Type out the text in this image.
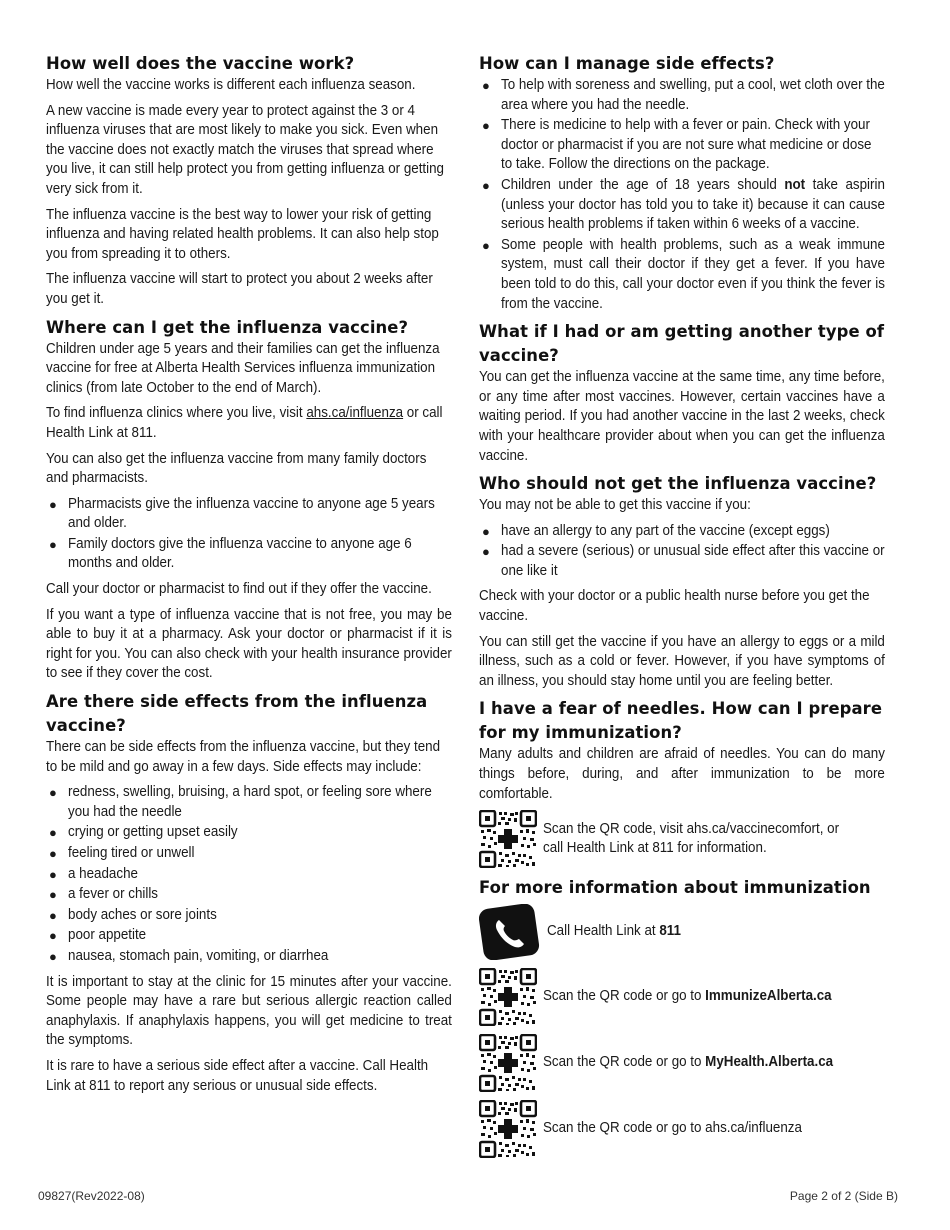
How well does the vaccine work?

How well the vaccine works is different each influenza season.

A new vaccine is made every year to protect against the 3 or 4 influenza viruses that are most likely to make you sick. Even when the vaccine does not exactly match the viruses that spread where you live, it can still help protect you from getting influenza or getting very sick from it.

The influenza vaccine is the best way to lower your risk of getting influenza and having related health problems. It can also help stop you from spreading it to others.

The influenza vaccine will start to protect you about 2 weeks after you get it.

Where can I get the influenza vaccine?

Children under age 5 years and their families can get the influenza vaccine for free at Alberta Health Services influenza immunization clinics (from late October to the end of March).

To find influenza clinics where you live, visit ahs.ca/influenza or call Health Link at 811.

You can also get the influenza vaccine from many family doctors and pharmacists.

● Pharmacists give the influenza vaccine to anyone age 5 years and older.
● Family doctors give the influenza vaccine to anyone age 6 months and older.

Call your doctor or pharmacist to find out if they offer the vaccine.

If you want a type of influenza vaccine that is not free, you may be able to buy it at a pharmacy. Ask your doctor or pharmacist if it is right for you. You can also check with your health insurance provider to see if they cover the cost.

Are there side effects from the influenza vaccine?

There can be side effects from the influenza vaccine, but they tend to be mild and go away in a few days. Side effects may include:

● redness, swelling, bruising, a hard spot, or feeling sore where you had the needle
● crying or getting upset easily
● feeling tired or unwell
● a headache
● a fever or chills
● body aches or sore joints
● poor appetite
● nausea, stomach pain, vomiting, or diarrhea

It is important to stay at the clinic for 15 minutes after your vaccine. Some people may have a rare but serious allergic reaction called anaphylaxis. If anaphylaxis happens, you will get medicine to treat the symptoms.

It is rare to have a serious side effect after a vaccine. Call Health Link at 811 to report any serious or unusual side effects.

How can I manage side effects?
● To help with soreness and swelling, put a cool, wet cloth over the area where you had the needle.
● There is medicine to help with a fever or pain. Check with your doctor or pharmacist if you are not sure what medicine or dose to take. Follow the directions on the package.
● Children under the age of 18 years should not take aspirin (unless your doctor has told you to take it) because it can cause serious health problems if taken within 6 weeks of a vaccine.
● Some people with health problems, such as a weak immune system, must call their doctor if they get a fever. If you have been told to do this, call your doctor even if you think the fever is from the vaccine.
What if I had or am getting another type of vaccine?

You can get the influenza vaccine at the same time, any time before, or any time after most vaccines. However, certain vaccines have a waiting period. If you had another vaccine in the last 2 weeks, check with your healthcare provider about when you can get the influenza vaccine.

Who should not get the influenza vaccine?

You may not be able to get this vaccine if you:

● have an allergy to any part of the vaccine (except eggs)
● had a severe (serious) or unusual side effect after this vaccine or one like it

Check with your doctor or a public health nurse before you get the vaccine.

You can still get the vaccine if you have an allergy to eggs or a mild illness, such as a cold or fever. However, if you have symptoms of an illness, you should stay home until you are feeling better.

I have a fear of needles. How can I prepare for my immunization?

Many adults and children are afraid of needles. You can do many things before, during, and after immunization to be more comfortable.

Scan the QR code, visit ahs.ca/vaccinecomfort, or call Health Link at 811 for information.
For more information about immunization
Call Health Link at 811
Scan the QR code or go to ImmunizeAlberta.ca
Scan the QR code or go to MyHealth.Alberta.ca
Scan the QR code or go to ahs.ca/influenza
09827(Rev2022-08)	Page 2 of 2 (Side B)
